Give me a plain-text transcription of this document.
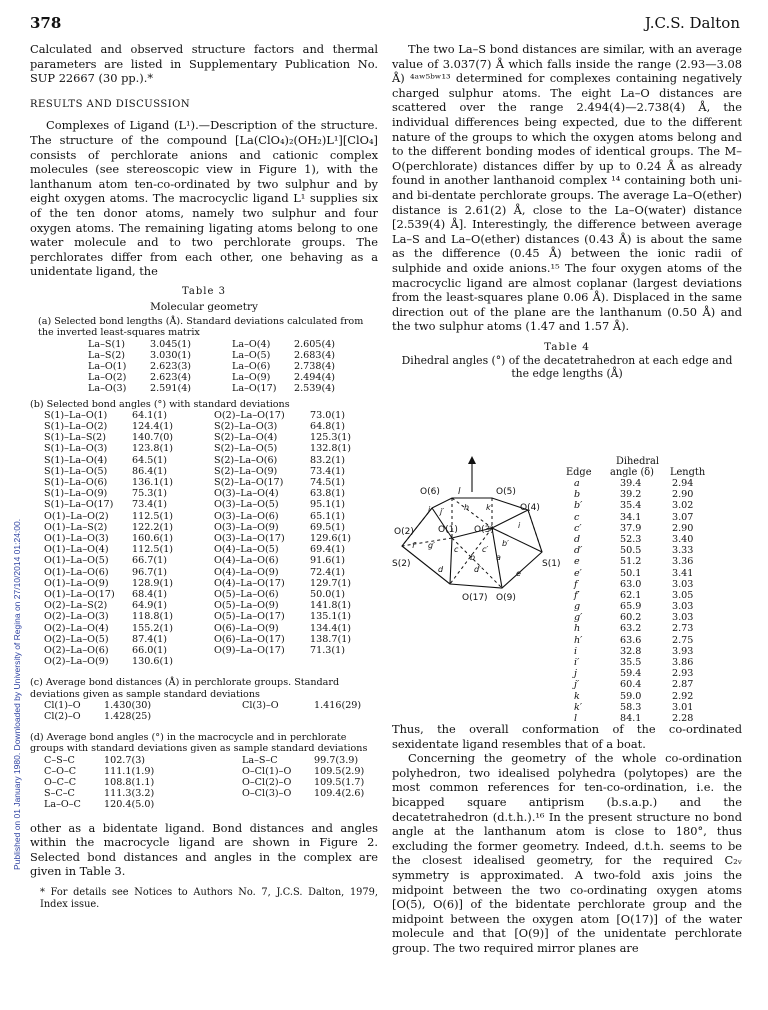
Published on 01 January 1980. Downloaded by University of Regina on 27/10/2014 01:24:00.
378	J.C.S. Dalton

Calculated and observed structure factors and thermal parameters are listed in Supplementary Publication No. SUP 22667 (30 pp.).*

RESULTS AND DISCUSSION

Complexes of Ligand (L¹).—Description of the structure. The structure of the compound [La(ClO₄)₂(OH₂)L¹][ClO₄] consists of perchlorate anions and cationic complex molecules (see stereoscopic view in Figure 1), with the lanthanum atom ten-co-ordinated by two sulphur and by eight oxygen atoms. The macrocyclic ligand L¹ supplies six of the ten donor atoms, namely two sulphur and four oxygen atoms. The remaining ligating atoms belong to one water molecule and to two perchlorate groups. The perchlorates differ from each other, one behaving as a unidentate ligand, the

Table 3

Molecular geometry

(a) Selected bond lengths (Å). Standard deviations calculated from the inverted least-squares matrix

La–S(1)	3.045(1)	La–O(4)	2.605(4)
La–S(2)	3.030(1)	La–O(5)	2.683(4)
La–O(1)	2.623(3)	La–O(6)	2.738(4)
La–O(2)	2.623(4)	La–O(9)	2.494(4)
La–O(3)	2.591(4)	La–O(17)	2.539(4)

(b) Selected bond angles (°) with standard deviations

S(1)–La–O(1)	64.1(1)	O(2)–La–O(17)	73.0(1)
S(1)–La–O(2)	124.4(1)	S(2)–La–O(3)	64.8(1)
S(1)–La–S(2)	140.7(0)	S(2)–La–O(4)	125.3(1)
S(1)–La–O(3)	123.8(1)	S(2)–La–O(5)	132.8(1)
S(1)–La–O(4)	64.5(1)	S(2)–La–O(6)	83.2(1)
S(1)–La–O(5)	86.4(1)	S(2)–La–O(9)	73.4(1)
S(1)–La–O(6)	136.1(1)	S(2)–La–O(17)	74.5(1)
S(1)–La–O(9)	75.3(1)	O(3)–La–O(4)	63.8(1)
S(1)–La–O(17)	73.4(1)	O(3)–La–O(5)	95.1(1)
O(1)–La–O(2)	112.5(1)	O(3)–La–O(6)	65.1(1)
O(1)–La–S(2)	122.2(1)	O(3)–La–O(9)	69.5(1)
O(1)–La–O(3)	160.6(1)	O(3)–La–O(17)	129.6(1)
O(1)–La–O(4)	112.5(1)	O(4)–La–O(5)	69.4(1)
O(1)–La–O(5)	66.7(1)	O(4)–La–O(6)	91.6(1)
O(1)–La–O(6)	96.7(1)	O(4)–La–O(9)	72.4(1)
O(1)–La–O(9)	128.9(1)	O(4)–La–O(17)	129.7(1)
O(1)–La–O(17)	68.4(1)	O(5)–La–O(6)	50.0(1)
O(2)–La–S(2)	64.9(1)	O(5)–La–O(9)	141.8(1)
O(2)–La–O(3)	118.8(1)	O(5)–La–O(17)	135.1(1)
O(2)–La–O(4)	155.2(1)	O(6)–La–O(9)	134.4(1)
O(2)–La–O(5)	87.4(1)	O(6)–La–O(17)	138.7(1)
O(2)–La–O(6)	66.0(1)	O(9)–La–O(17)	71.3(1)
O(2)–La–O(9)	130.6(1)		

(c) Average bond distances (Å) in perchlorate groups. Standard deviations given as sample standard deviations

Cl(1)–O	1.430(30)	Cl(3)–O	1.416(29)
Cl(2)–O	1.428(25)		

(d) Average bond angles (°) in the macrocycle and in perchlorate groups with standard deviations given as sample standard deviations

C–S–C	102.7(3)	La–S–C	99.7(3.9)
C–O–C	111.1(1.9)	O–Cl(1)–O	109.5(2.9)
O–C–C	108.8(1.1)	O–Cl(2)–O	109.5(1.7)
S–C–C	111.3(3.2)	O–Cl(3)–O	109.4(2.6)
La–O–C	120.4(5.0)		

other as a bidentate ligand. Bond distances and angles within the macrocycle ligand are shown in Figure 2. Selected bond distances and angles in the complex are given in Table 3.

* For details see Notices to Authors No. 7, J.C.S. Dalton, 1979, Index issue.

The two La–S bond distances are similar, with an average value of 3.037(7) Å which falls inside the range (2.93—3.08 Å) ⁴ᵃʷ⁵ᵇʷ¹³ determined for complexes containing negatively charged sulphur atoms. The eight La–O distances are scattered over the range 2.494(4)—2.738(4) Å, the individual differences being expected, due to the different nature of the groups to which the oxygen atoms belong and to the different bonding modes of identical groups. The M–O(perchlorate) distances differ by up to 0.24 Å as already found in another lanthanoid complex ¹⁴ containing both uni- and bi-dentate perchlorate groups. The average La–O(ether) distance is 2.61(2) Å, close to the La–O(water) distance [2.539(4) Å]. Interestingly, the difference between average La–S and La–O(ether) distances (0.43 Å) is about the same as the difference (0.45 Å) between the ionic radii of sulphide and oxide anions.¹⁵ The four oxygen atoms of the macrocyclic ligand are almost coplanar (largest deviations from the least-squares plane 0.06 Å). Displaced in the same direction out of the plane are the lanthanum (0.50 Å) and the two sulphur atoms (1.47 and 1.57 Å).

Table 4

Dihedral angles (°) of the decatetrahedron at each edge and the edge lengths (Å)

O(6) l	O(5)
O(4)
O(1) O(3)
O(2)
S(2)	S(1)
O(17) O(9)
j j′	k
h
i
f′ g′ c	c′
b′
b	a
d	d′	e′
Dihedral
Edge angle (δ) Length
a	39.4	2.94
b	39.2	2.90
b′	35.4	3.02
c	34.1	3.07
c′	37.9	2.90
d	52.3	3.40
d′	50.5	3.33
e	51.2	3.36
e′	50.1	3.41
f	63.0	3.03
f′	62.1	3.05
g	65.9	3.03
g′	60.2	3.03
h	63.2	2.73
h′	63.6	2.75
i	32.8	3.93
i′	35.5	3.86
j	59.4	2.93
j′	60.4	2.87
k	59.0	2.92
k′	58.3	3.01
l	84.1	2.28

Thus, the overall conformation of the co-ordinated sexidentate ligand resembles that of a boat.

Concerning the geometry of the whole co-ordination polyhedron, two idealised polyhedra (polytopes) are the most common references for ten-co-ordination, i.e. the bicapped square antiprism (b.s.a.p.) and the decatetrahedron (d.t.h.).¹⁶ In the present structure no bond angle at the lanthanum atom is close to 180°, thus excluding the former geometry. Indeed, d.t.h. seems to be the closest idealised geometry, for the required C₂ᵥ symmetry is approximated. A two-fold axis joins the midpoint between the two co-ordinating oxygen atoms [O(5), O(6)] of the bidentate perchlorate group and the midpoint between the oxygen atom [O(17)] of the water molecule and that [O(9)] of the unidentate perchlorate group. The two required mirror planes are
